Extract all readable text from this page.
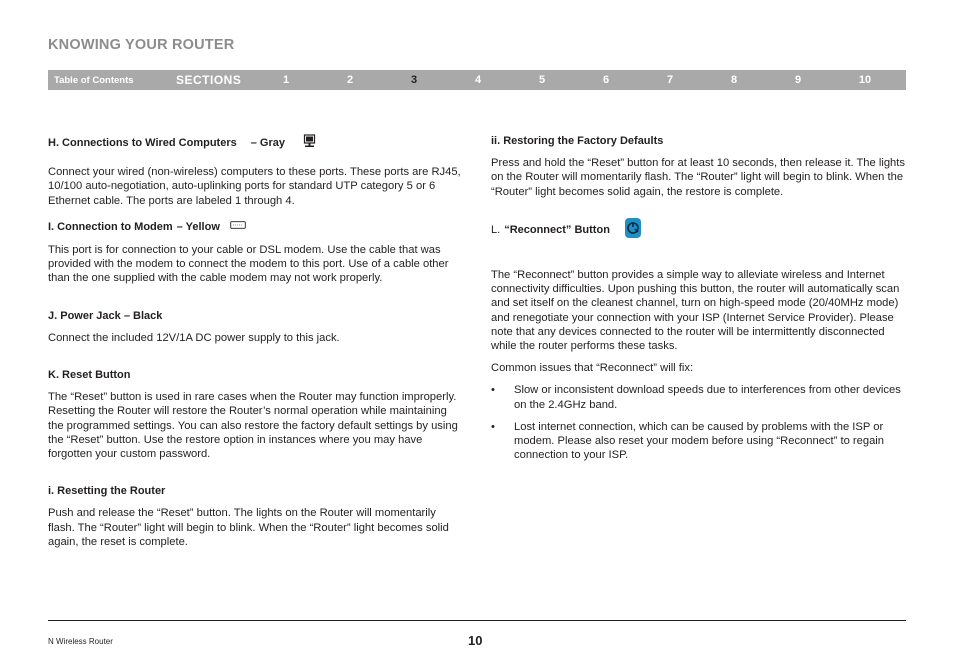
KNOWING YOUR ROUTER
Table of Contents	SECTIONS	1	2	3	4	5	6	7	8	9	10
H. Connections to Wired Computers – Gray
Connect your wired (non-wireless) computers to these ports. These ports are RJ45, 10/100 auto-negotiation, auto-uplinking ports for standard UTP category 5 or 6 Ethernet cable. The ports are labeled 1 through 4.
I. Connection to Modem – Yellow
This port is for connection to your cable or DSL modem. Use the cable that was provided with the modem to connect the modem to this port. Use of a cable other than the one supplied with the cable modem may not work properly.
J. Power Jack – Black
Connect the included 12V/1A DC power supply to this jack.
K. Reset Button
The “Reset” button is used in rare cases when the Router may function improperly. Resetting the Router will restore the Router’s normal operation while maintaining the programmed settings. You can also restore the factory default settings by using the “Reset” button. Use the restore option in instances where you may have forgotten your custom password.
i. Resetting the Router
Push and release the “Reset” button. The lights on the Router will momentarily flash. The “Router” light will begin to blink. When the “Router” light becomes solid again, the reset is complete.
ii. Restoring the Factory Defaults
Press and hold the “Reset” button for at least 10 seconds, then release it. The lights on the Router will momentarily flash. The “Router” light will begin to blink. When the “Router” light becomes solid again, the restore is complete.
L. “Reconnect” Button
The “Reconnect” button provides a simple way to alleviate wireless and Internet connectivity difficulties. Upon pushing this button, the router will automatically scan and set itself on the cleanest channel, turn on high-speed mode (20/40MHz mode) and renegotiate your connection with your ISP (Internet Service Provider). Please note that any devices connected to the router will be intermittently disconnected while the router performs these tasks.
Common issues that “Reconnect” will fix:
•	Slow or inconsistent download speeds due to interferences from other devices on the 2.4GHz band.
•	Lost internet connection, which can be caused by problems with the ISP or modem. Please also reset your modem before using “Reconnect” to regain connection to your ISP.
N Wireless Router	10
